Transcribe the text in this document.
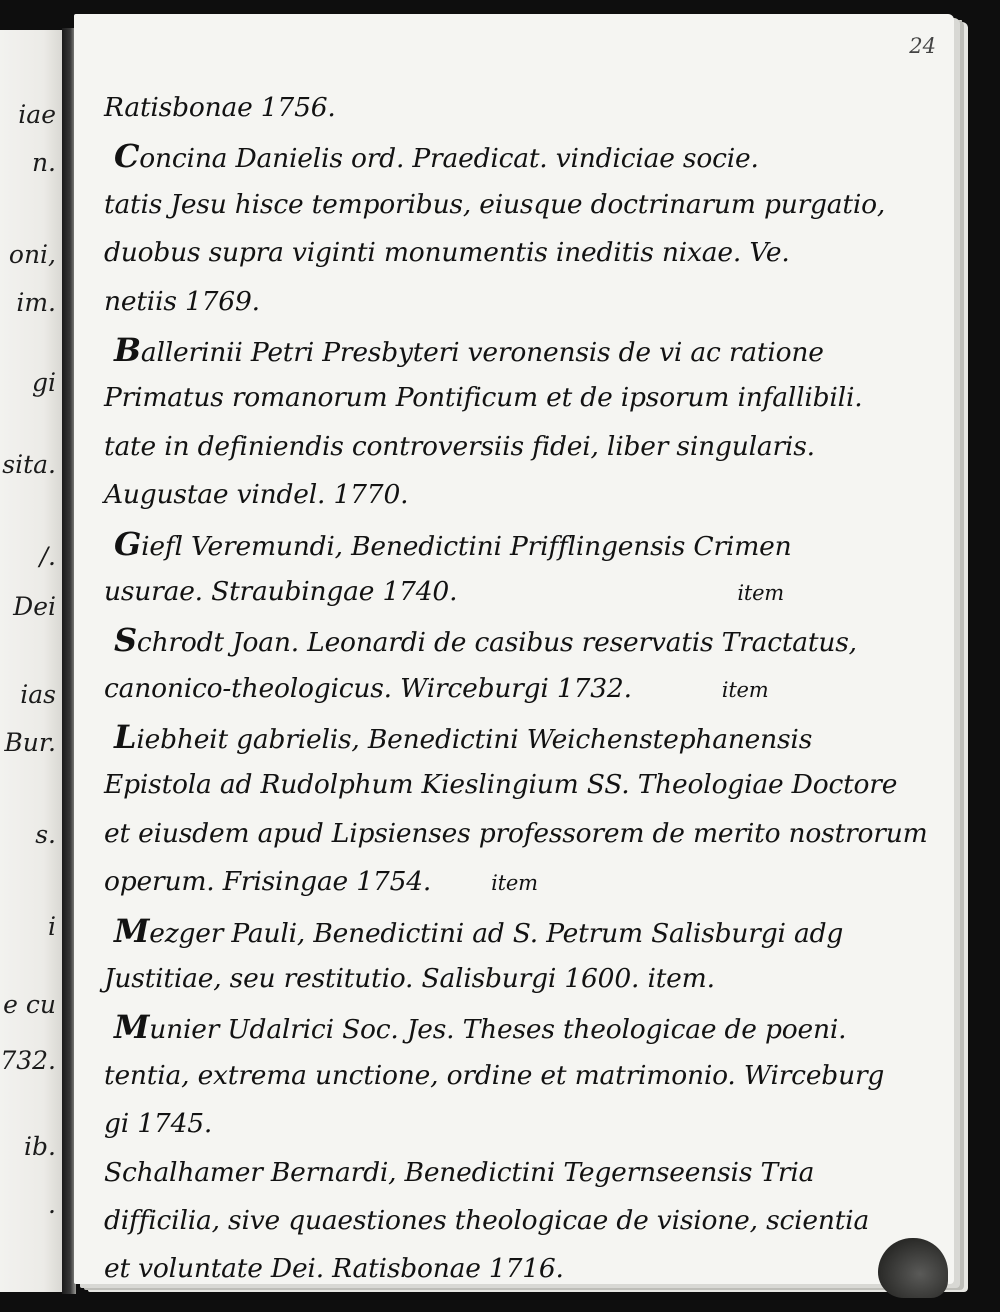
iae
n.
oni,
im.
gi
sita.
/.
Dei
ias
Bur.
s.
i
e cu
732.
ib.
.
24
Ratisbonae 1756.
Concina Danielis ord. Praedicat. vindiciae socie.
tatis Jesu hisce temporibus, eiusque doctrinarum purgatio,
duobus supra viginti monumentis ineditis nixae. Ve.
netiis 1769.
Ballerinii Petri Presbyteri veronensis de vi ac ratione
Primatus romanorum Pontificum et de ipsorum infallibili.
tate in definiendis controversiis fidei, liber singularis.
Augustae vindel. 1770.
Giefl Veremundi, Benedictini Prifflingensis Crimen
usurae. Straubingae 1740.	item
Schrodt Joan. Leonardi de casibus reservatis Tractatus,
canonico-theologicus. Wirceburgi 1732.	item
Liebheit gabrielis, Benedictini Weichenstephanensis
Epistola ad Rudolphum Kieslingium SS. Theologiae Doctore
et eiusdem apud Lipsienses professorem de merito nostrorum
operum. Frisingae 1754.	item
Mezger Pauli, Benedictini ad S. Petrum Salisburgi adg
Justitiae, seu restitutio. Salisburgi 1600. item.
Munier Udalrici Soc. Jes. Theses theologicae de poeni.
tentia, extrema unctione, ordine et matrimonio. Wirceburg
gi 1745.
Schalhamer Bernardi, Benedictini Tegernseensis Tria
difficilia, sive quaestiones theologicae de visione, scientia
et voluntate Dei. Ratisbonae 1716.
